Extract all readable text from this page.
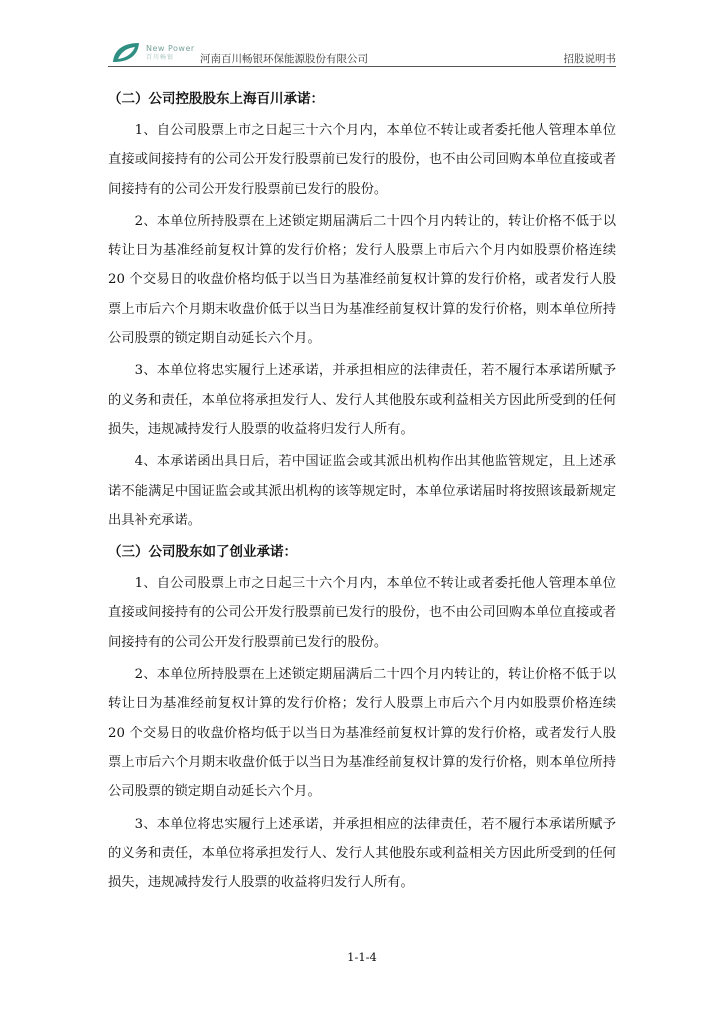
New Power
百川畅银 河南百川畅银环保能源股份有限公司	招股说明书
（二）公司控股股东上海百川承诺：

1、自公司股票上市之日起三十六个月内，本单位不转让或者委托他人管理本单位直接或间接持有的公司公开发行股票前已发行的股份，也不由公司回购本单位直接或者间接持有的公司公开发行股票前已发行的股份。

2、本单位所持股票在上述锁定期届满后二十四个月内转让的，转让价格不低于以转让日为基准经前复权计算的发行价格；发行人股票上市后六个月内如股票价格连续 20 个交易日的收盘价格均低于以当日为基准经前复权计算的发行价格，或者发行人股票上市后六个月期末收盘价低于以当日为基准经前复权计算的发行价格，则本单位所持公司股票的锁定期自动延长六个月。

3、本单位将忠实履行上述承诺，并承担相应的法律责任，若不履行本承诺所赋予的义务和责任，本单位将承担发行人、发行人其他股东或利益相关方因此所受到的任何损失，违规减持发行人股票的收益将归发行人所有。

4、本承诺函出具日后，若中国证监会或其派出机构作出其他监管规定，且上述承诺不能满足中国证监会或其派出机构的该等规定时，本单位承诺届时将按照该最新规定出具补充承诺。

（三）公司股东如了创业承诺：

1、自公司股票上市之日起三十六个月内，本单位不转让或者委托他人管理本单位直接或间接持有的公司公开发行股票前已发行的股份，也不由公司回购本单位直接或者间接持有的公司公开发行股票前已发行的股份。

2、本单位所持股票在上述锁定期届满后二十四个月内转让的，转让价格不低于以转让日为基准经前复权计算的发行价格；发行人股票上市后六个月内如股票价格连续 20 个交易日的收盘价格均低于以当日为基准经前复权计算的发行价格，或者发行人股票上市后六个月期末收盘价低于以当日为基准经前复权计算的发行价格，则本单位所持公司股票的锁定期自动延长六个月。

3、本单位将忠实履行上述承诺，并承担相应的法律责任，若不履行本承诺所赋予的义务和责任，本单位将承担发行人、发行人其他股东或利益相关方因此所受到的任何损失，违规减持发行人股票的收益将归发行人所有。

1-1-4
